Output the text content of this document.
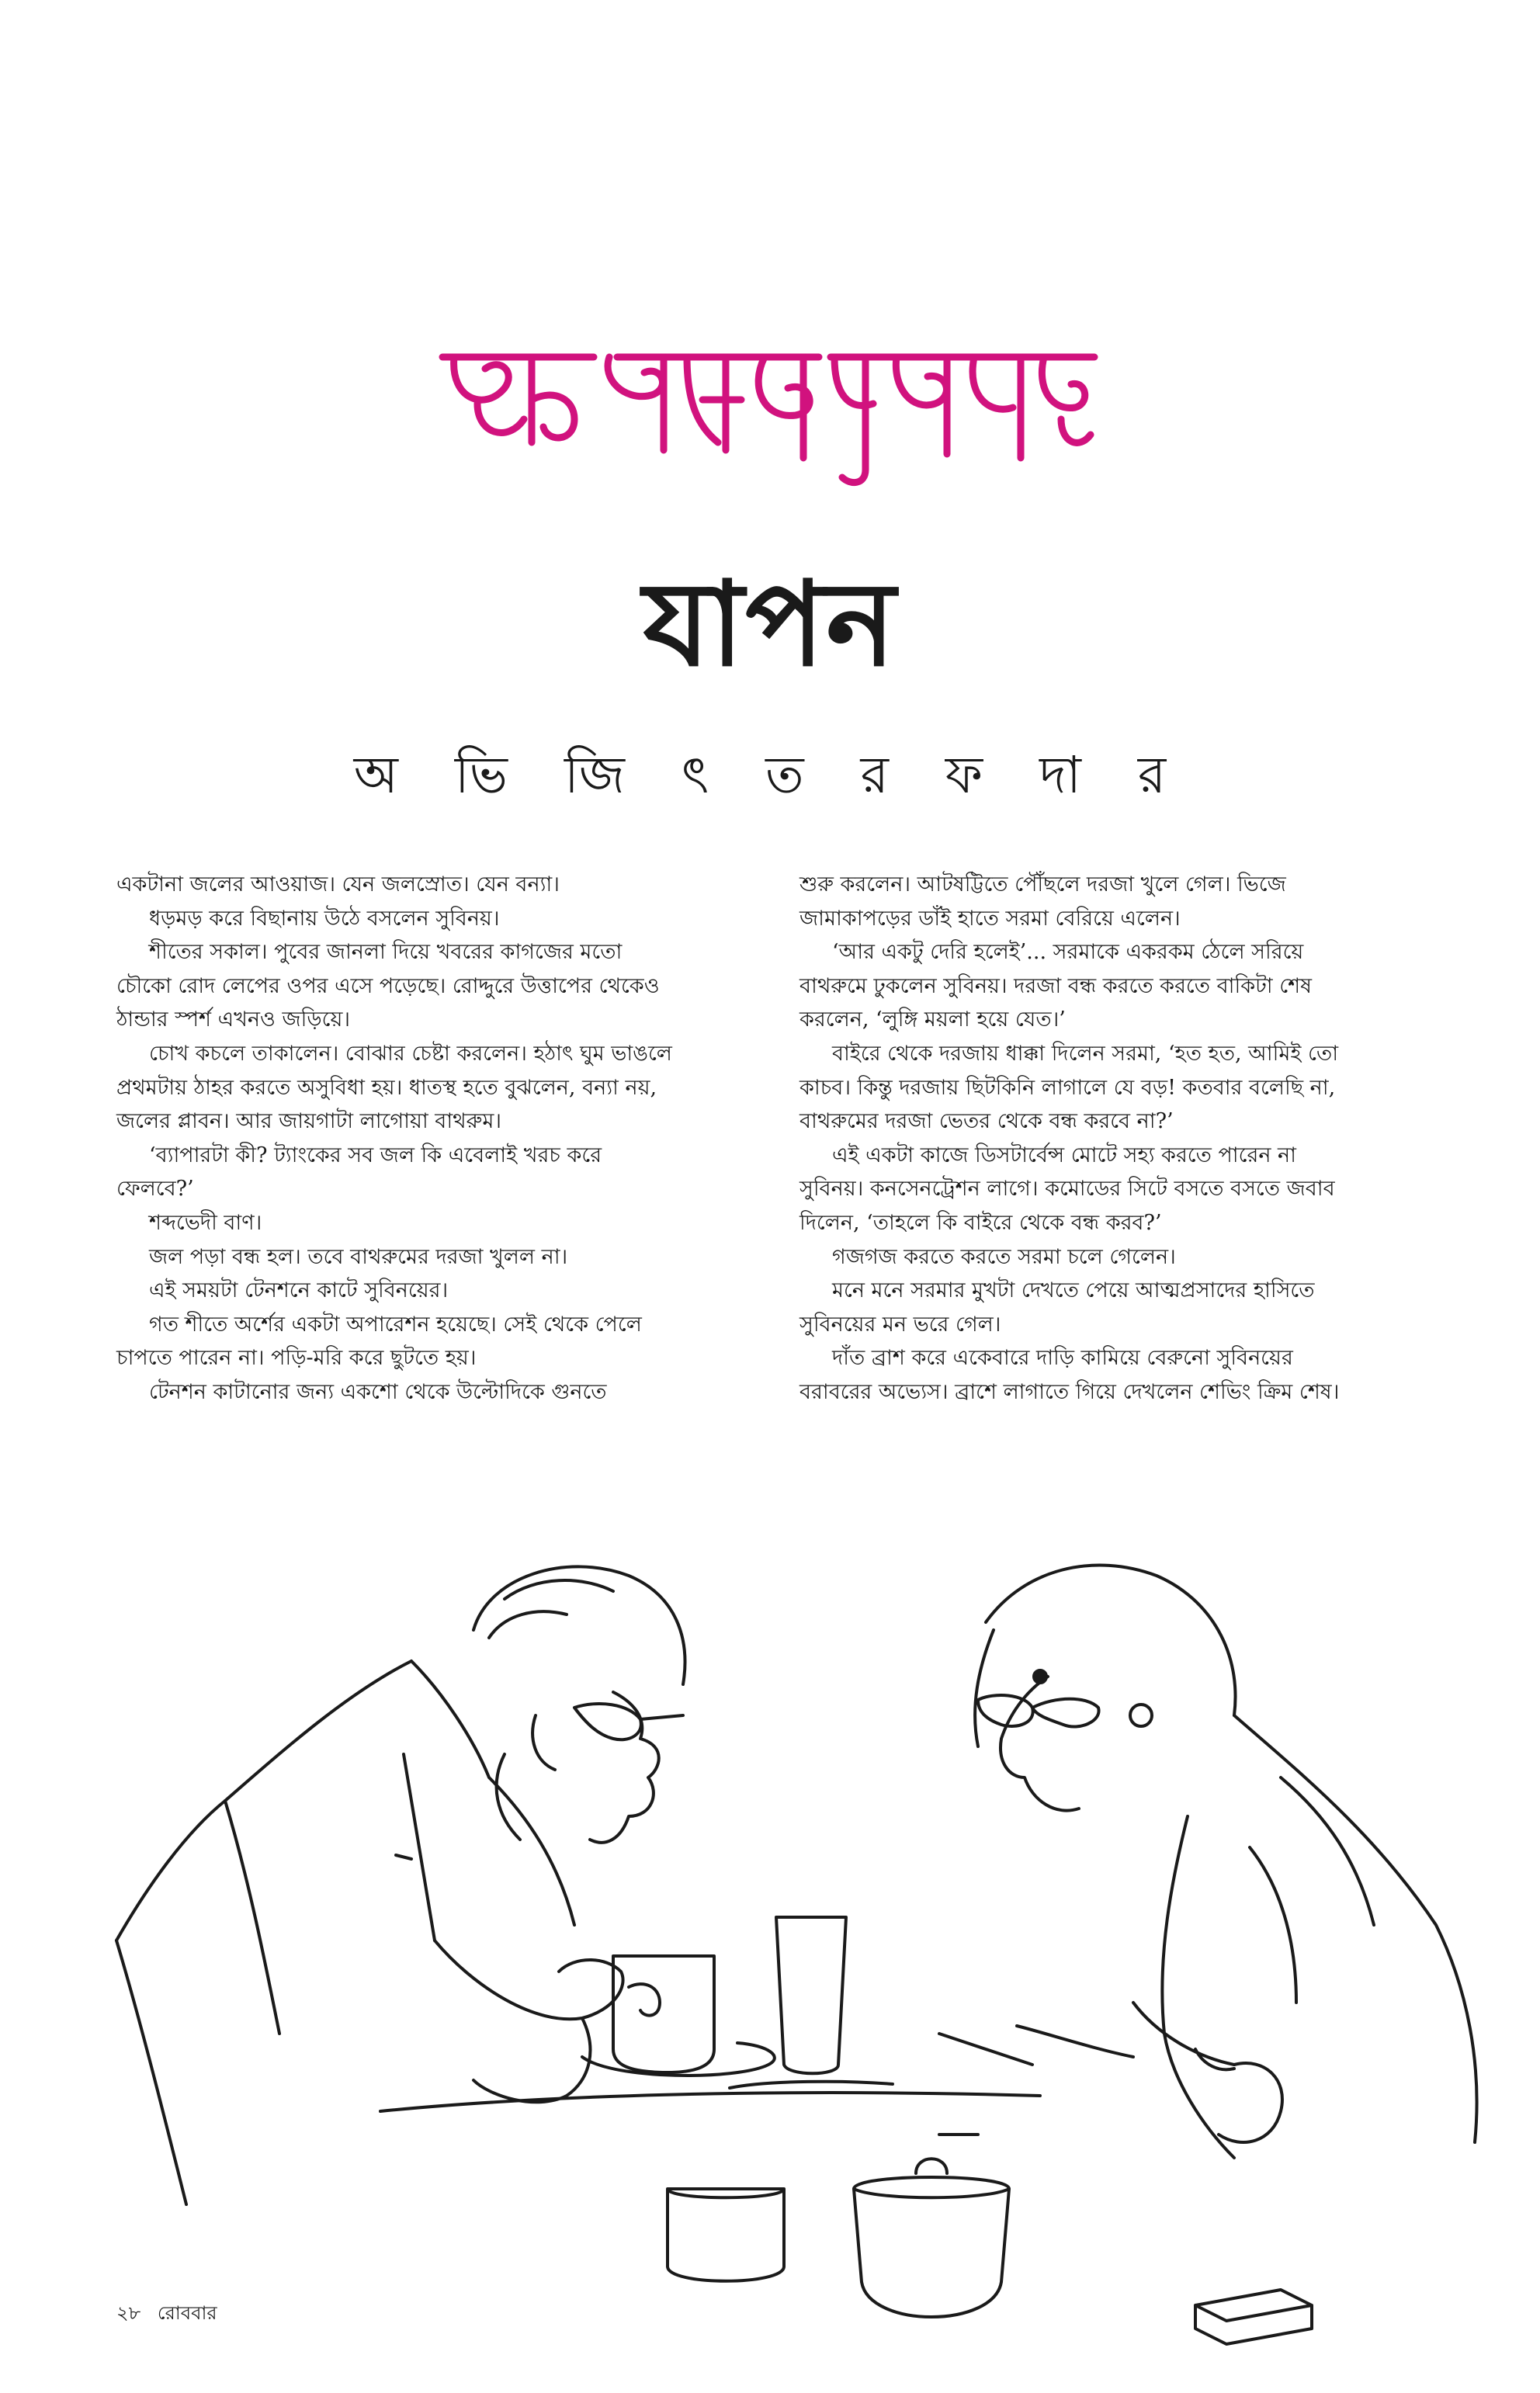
যাপন
অ ভি জি ৎ ত র ফ দা র

একটানা জলের আওয়াজ। যেন জলস্রোত। যেন বন্যা।

ধড়মড় করে বিছানায় উঠে বসলেন সুবিনয়।

শীতের সকাল। পুবের জানলা দিয়ে খবরের কাগজের মতো চৌকো রোদ লেপের ওপর এসে পড়েছে। রোদ্দুরে উত্তাপের থেকেও ঠান্ডার স্পর্শ এখনও জড়িয়ে।

চোখ কচলে তাকালেন। বোঝার চেষ্টা করলেন। হঠাৎ ঘুম ভাঙলে প্রথমটায় ঠাহর করতে অসুবিধা হয়। ধাতস্থ হতে বুঝলেন, বন্যা নয়, জলের প্লাবন। আর জায়গাটা লাগোয়া বাথরুম।

‘ব্যাপারটা কী? ট্যাংকের সব জল কি এবেলাই খরচ করে ফেলবে?’

শব্দভেদী বাণ।

জল পড়া বন্ধ হল। তবে বাথরুমের দরজা খুলল না।

এই সময়টা টেনশনে কাটে সুবিনয়ের।

গত শীতে অর্শের একটা অপারেশন হয়েছে। সেই থেকে পেলে চাপতে পারেন না। পড়ি-মরি করে ছুটতে হয়।

টেনশন কাটানোর জন্য একশো থেকে উল্টোদিকে গুনতে

শুরু করলেন। আটষট্টিতে পৌঁছলে দরজা খুলে গেল। ভিজে জামাকাপড়ের ডাঁই হাতে সরমা বেরিয়ে এলেন।

‘আর একটু দেরি হলেই’... সরমাকে একরকম ঠেলে সরিয়ে বাথরুমে ঢুকলেন সুবিনয়। দরজা বন্ধ করতে করতে বাকিটা শেষ করলেন, ‘লুঙ্গি ময়লা হয়ে যেত।’

বাইরে থেকে দরজায় ধাক্কা দিলেন সরমা, ‘হত হত, আমিই তো কাচব। কিন্তু দরজায় ছিটকিনি লাগালে যে বড়! কতবার বলেছি না, বাথরুমের দরজা ভেতর থেকে বন্ধ করবে না?’

এই একটা কাজে ডিসটার্বেন্স মোটে সহ্য করতে পারেন না সুবিনয়। কনসেনট্রেশন লাগে। কমোডের সিটে বসতে বসতে জবাব দিলেন, ‘তাহলে কি বাইরে থেকে বন্ধ করব?’

গজগজ করতে করতে সরমা চলে গেলেন।

মনে মনে সরমার মুখটা দেখতে পেয়ে আত্মপ্রসাদের হাসিতে সুবিনয়ের মন ভরে গেল।

দাঁত ব্রাশ করে একেবারে দাড়ি কামিয়ে বেরুনো সুবিনয়ের বরাবরের অভ্যেস। ব্রাশে লাগাতে গিয়ে দেখলেন শেভিং ক্রিম শেষ।

২৮ রোববার
